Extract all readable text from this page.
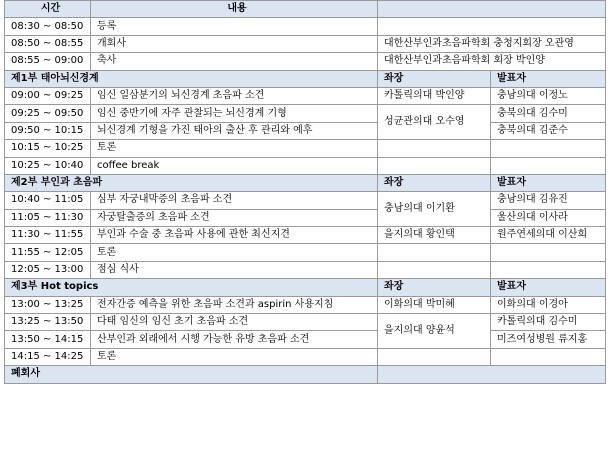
시간	내용		
08:30 ~ 08:50	등록		
08:50 ~ 08:55	개회사	대한산부인과초음파학회 충청지회장 오관영	
08:55 ~ 09:00	축사	대한산부인과초음파학회 회장 박인양	
제1부 태아뇌신경계		좌장	발표자
09:00 ~ 09:25	임신 일삼분기의 뇌신경계 초음파 소견	카톨릭의대 박인양	충남의대 이정노
09:25 ~ 09:50	임신 중반기에 자주 관찰되는 뇌신경계 기형	성균관의대 오수영	충북의대 김수미
09:50 ~ 10:15	뇌신경계 기형을 가진 태아의 출산 후 관리와 예후		충북의대 김준수
10:15 ~ 10:25	토론		
10:25 ~ 10:40	coffee break		
제2부 부인과 초음파		좌장	발표자
10:40 ~ 11:05	심부 자궁내막증의 초음파 소견	충남의대 이기환	충남의대 김유진
11:05 ~ 11:30	자궁탈출증의 초음파 소견		울산의대 이사라
11:30 ~ 11:55	부인과 수술 중 초음파 사용에 관한 최신지견	을지의대 황인택	원주연세의대 이산희
11:55 ~ 12:05	토론		
12:05 ~ 13:00	점심 식사		
제3부 Hot topics		좌장	발표자
13:00 ~ 13:25	전자간증 예측을 위한 초음파 소견과 aspirin 사용지침	이화의대 박미혜	이화의대 이경아
13:25 ~ 13:50	다태 임신의 임신 초기 초음파 소견	을지의대 양윤석	카톨릭의대 김수미
13:50 ~ 14:15	산부인과 외래에서 시행 가능한 유방 초음파 소견		미즈여성병원 류지홍
14:15 ~ 14:25	토론		
폐회사			
